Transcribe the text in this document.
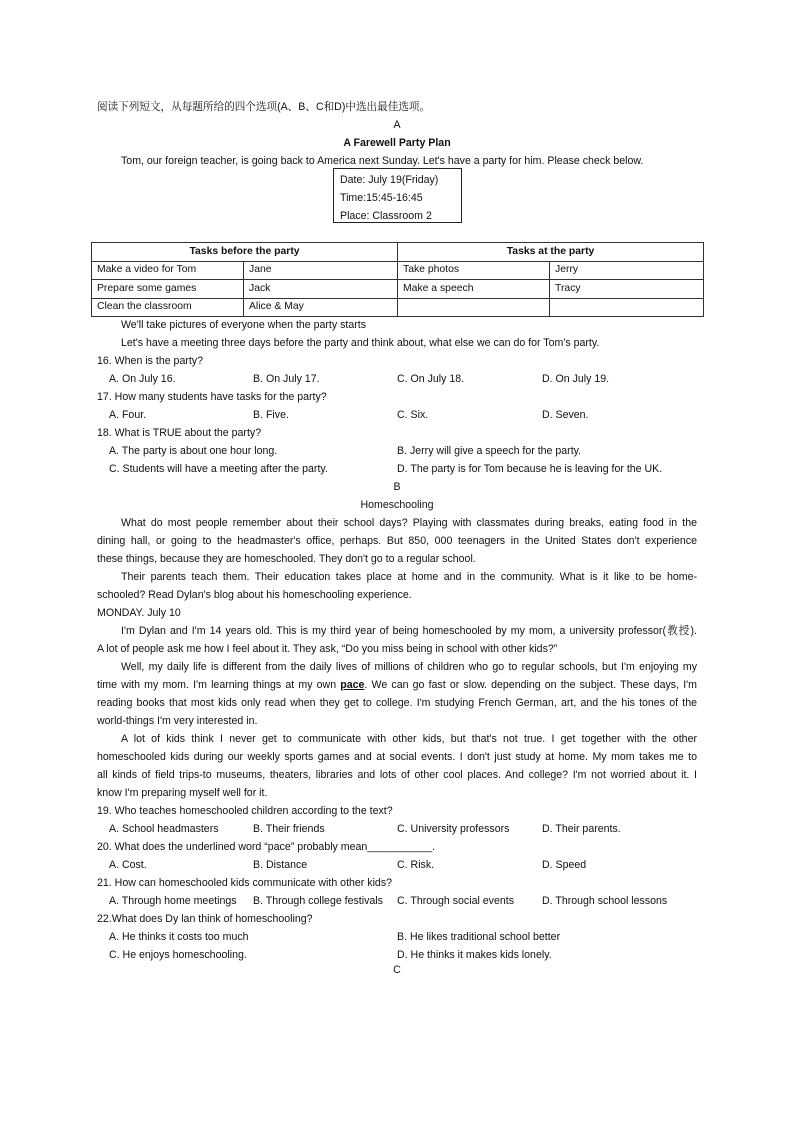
阅读下列短文，从每题所给的四个选项(A、B、C和D)中选出最佳选项。
A
A Farewell Party Plan
Tom, our foreign teacher, is going back to America next Sunday. Let's have a party for him. Please check below.
Date: July 19(Friday)
Time:15:45-16:45
Place: Classroom 2
Tasks before the party		Tasks at the party	
Make a video for Tom	Jane	Take photos	Jerry
Prepare some games	Jack	Make a speech	Tracy
Clean the classroom	Alice & May		
We'll take pictures of everyone when the party starts
Let's have a meeting three days before the party and think about, what else we can do for Tom's party.
16. When is the party?
A. On July 16.	B. On July 17.	C. On July 18.	D. On July 19.
17. How many students have tasks for the party?
A. Four.	B. Five.	C. Six.	D. Seven.
18. What is TRUE about the party?
A. The party is about one hour long.	B. Jerry will give a speech for the party.
C. Students will have a meeting after the party.	D. The party is for Tom because he is leaving for the UK.
B
Homeschooling
What do most people remember about their school days? Playing with classmates during breaks, eating food in the
dining hall, or going to the headmaster's office, perhaps. But 850, 000 teenagers in the United States don't experience
these things, because they are homeschooled. They don't go to a regular school.
Their parents teach them. Their education takes place at home and in the community. What is it like to be home-
schooled? Read Dylan's blog about his homeschooling experience.
MONDAY. July 10
I'm Dylan and I'm 14 years old. This is my third year of being homeschooled by my mom, a university professor(教授).
A lot of people ask me how I feel about it. They ask, “Do you miss being in school with other kids?”
Well, my daily life is different from the daily lives of millions of children who go to regular schools, but I'm enjoying my
time with my mom. I'm learning things at my own pace. We can go fast or slow. depending on the subject. These days, I'm
reading books that most kids only read when they get to college. I'm studying French German, art, and the his tones of the
world-things I'm very interested in.
A lot of kids think I never get to communicate with other kids, but that's not true. I get together with the other
homeschooled kids during our weekly sports games and at social events. I don't just study at home. My mom takes me to
all kinds of field trips-to museums, theaters, libraries and lots of other cool places. And college? I'm not worried about it. I
know I'm preparing myself well for it.
19. Who teaches homeschooled children according to the text?
A. School headmasters	B. Their friends	C. University professors	D. Their parents.
20. What does the underlined word “pace” probably mean___________.
A. Cost.	B. Distance	C. Risk.	D. Speed
21. How can homeschooled kids communicate with other kids?
A. Through home meetings B. Through college festivals C. Through social events	D. Through school lessons
22.What does Dy lan think of homeschooling?
A. He thinks it costs too much	B. He likes traditional school better
C. He enjoys homeschooling.	D. He thinks it makes kids lonely.
C
